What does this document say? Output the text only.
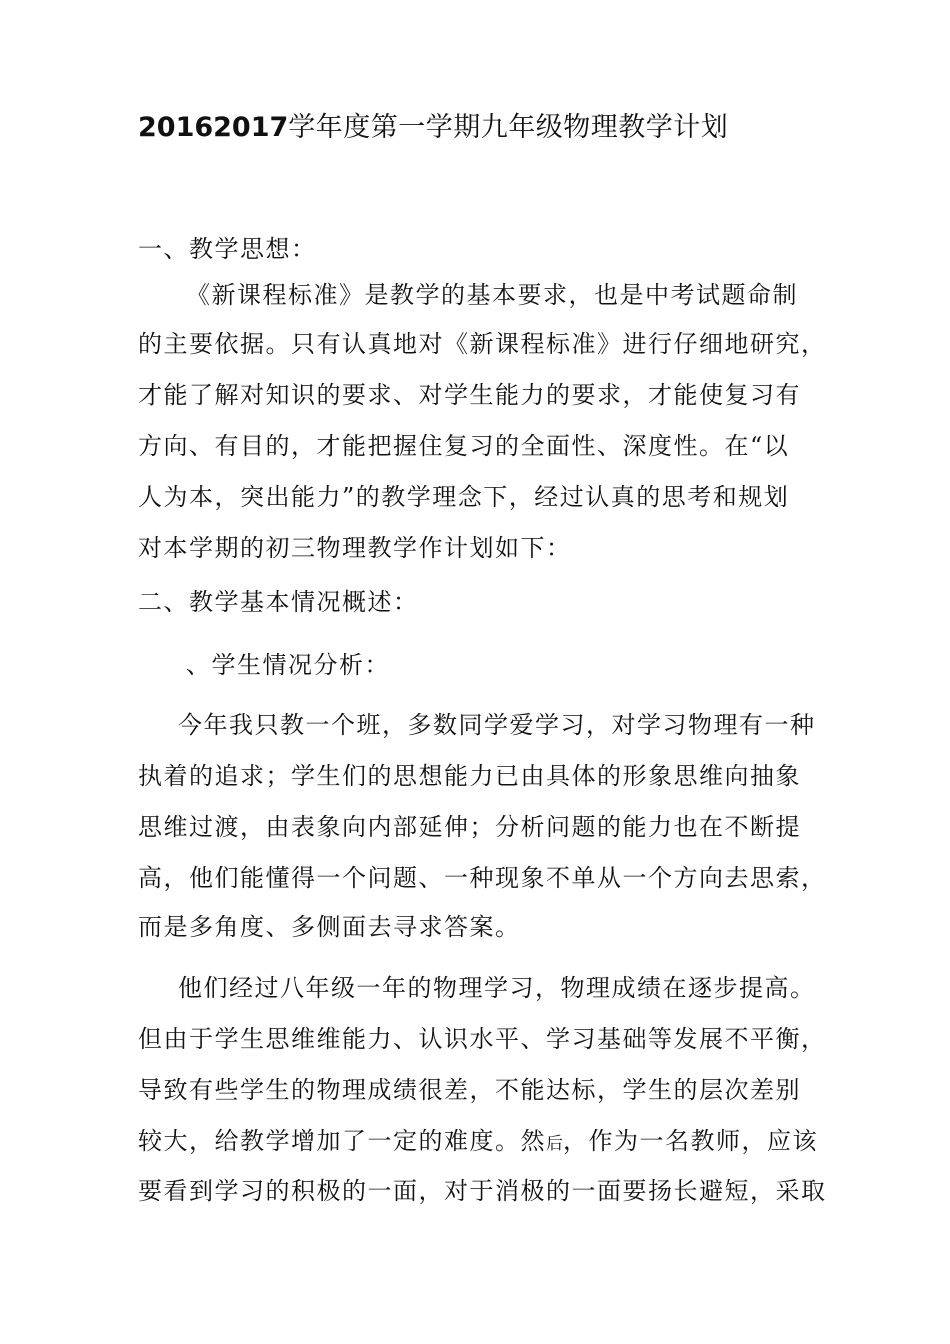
20162017学年度第一学期九年级物理教学计划
一、教学思想：
《新课程标准》是教学的基本要求，也是中考试题命制
的主要依据。只有认真地对《新课程标准》进行仔细地研究，
才能了解对知识的要求、对学生能力的要求，才能使复习有
方向、有目的，才能把握住复习的全面性、深度性。在“以
人为本，突出能力”的教学理念下，经过认真的思考和规划
对本学期的初三物理教学作计划如下：
二、教学基本情况概述：
、学生情况分析：
今年我只教一个班，多数同学爱学习，对学习物理有一种
执着的追求；学生们的思想能力已由具体的形象思维向抽象
思维过渡，由表象向内部延伸；分析问题的能力也在不断提
高，他们能懂得一个问题、一种现象不单从一个方向去思索，
而是多角度、多侧面去寻求答案。
他们经过八年级一年的物理学习，物理成绩在逐步提高。
但由于学生思维维能力、认识水平、学习基础等发展不平衡，
导致有些学生的物理成绩很差，不能达标，学生的层次差别
较大，给教学增加了一定的难度。然后，作为一名教师，应该
要看到学习的积极的一面，对于消极的一面要扬长避短，采取
